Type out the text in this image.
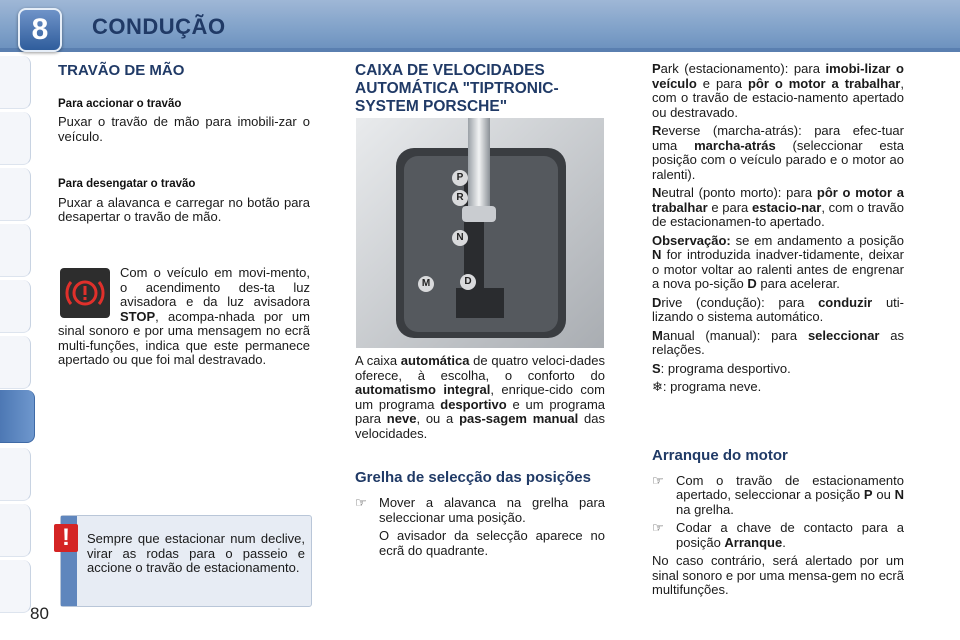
8	CONDUÇÃO
TRAVÃO DE MÃO
Para accionar o travão

Puxar o travão de mão para imobili-zar o veículo.

Para desengatar o travão

Puxar a alavanca e carregar no botão para desapertar o travão de mão.

Com o veículo em movi-mento, o acendimento des-ta luz avisadora e da luz avisadora STOP, acompa-nhada por um sinal sonoro e por uma mensagem no ecrã multi-funções, indica que este permanece apertado ou que foi mal destravado.

Sempre que estacionar num declive, virar as rodas para o passeio e accione o travão de estacionamento.

!
CAIXA DE VELOCIDADES AUTOMÁTICA "TIPTRONIC-SYSTEM PORSCHE"
P
R
N
D
M

A caixa automática de quatro veloci-dades oferece, à escolha, o conforto do automatismo integral, enrique-cido com um programa desportivo e um programa para neve, ou a pas-sagem manual das velocidades.

Grelha de selecção das posições
☞ Mover a alavanca na grelha para seleccionar uma posição.

O avisador da selecção aparece no ecrã do quadrante.

Park (estacionamento): para imobi-lizar o veículo e para pôr o motor a trabalhar, com o travão de estacio-namento apertado ou destravado.

Reverse (marcha-atrás): para efec-tuar uma marcha-atrás (seleccionar esta posição com o veículo parado e o motor ao ralenti).

Neutral (ponto morto): para pôr o motor a trabalhar e para estacio-nar, com o travão de estacionamen-to apertado.

Observação: se em andamento a posição N for introduzida inadver-tidamente, deixar o motor voltar ao ralenti antes de engrenar a nova po-sição D para acelerar.

Drive (condução): para conduzir uti-lizando o sistema automático.

Manual (manual): para seleccionar as relações.

S: programa desportivo.

❄: programa neve.

Arranque do motor
☞ Com o travão de estacionamento apertado, seleccionar a posição P ou N na grelha.

☞ Codar a chave de contacto para a posição Arranque.

No caso contrário, será alertado por um sinal sonoro e por uma mensa-gem no ecrã multifunções.

80
